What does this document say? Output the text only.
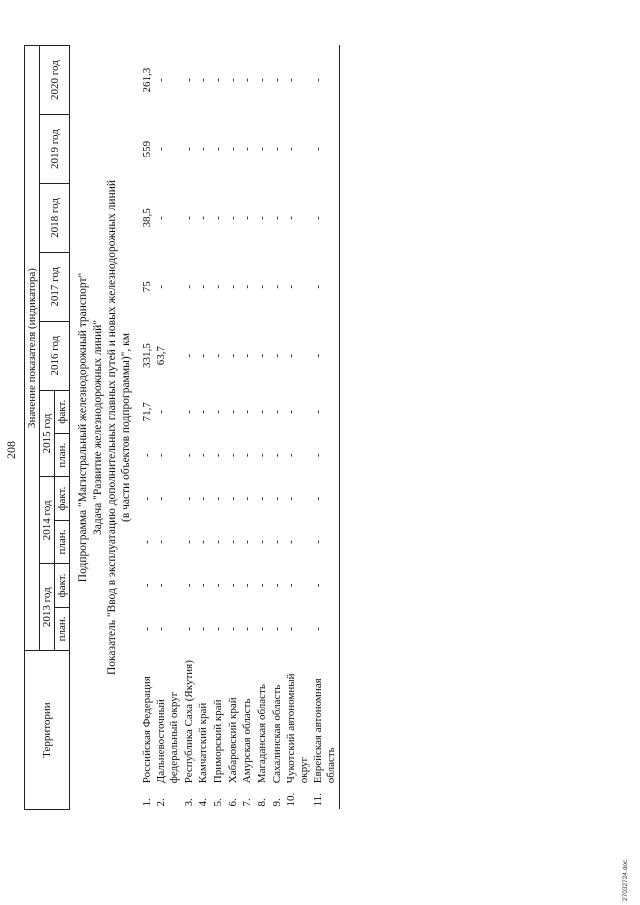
208
Территории		Значение показателя (индикатора)										
		2013 год		2014 год		2015 год		2016 год	2017 год	2018 год	2019 год	2020 год
		план.	факт.	план.	факт.	план.	факт.					

Подпрограмма "Магистральный железнодорожный транспорт"												
Задача "Развитие железнодорожных линий"												
Показатель "Ввод в эксплуатацию дополнительных главных путей и новых железнодорожных линий												
(в части объектов подпрограммы)", км												

1.	Российская Федерация	-	-	-	-	-	71,7	331,5	75	38,5	559	261,3
2.	Дальневосточный федеральный округ	-	-	-	-	-	-	63,7	-	-	-	-
3.	Республика Саха (Якутия)	-	-	-	-	-	-	-	-	-	-	-
4.	Камчатский край	-	-	-	-	-	-	-	-	-	-	-
5.	Приморский край	-	-	-	-	-	-	-	-	-	-	-
6.	Хабаровский край	-	-	-	-	-	-	-	-	-	-	-
7.	Амурская область	-	-	-	-	-	-	-	-	-	-	-
8.	Магаданская область	-	-	-	-	-	-	-	-	-	-	-
9.	Сахалинская область	-	-	-	-	-	-	-	-	-	-	-
10.	Чукотский автономный округ	-	-	-	-	-	-	-	-	-	-	-
11.	Еврейская автономная область	-	-	-	-	-	-	-	-	-	-	-

27032724.doc
